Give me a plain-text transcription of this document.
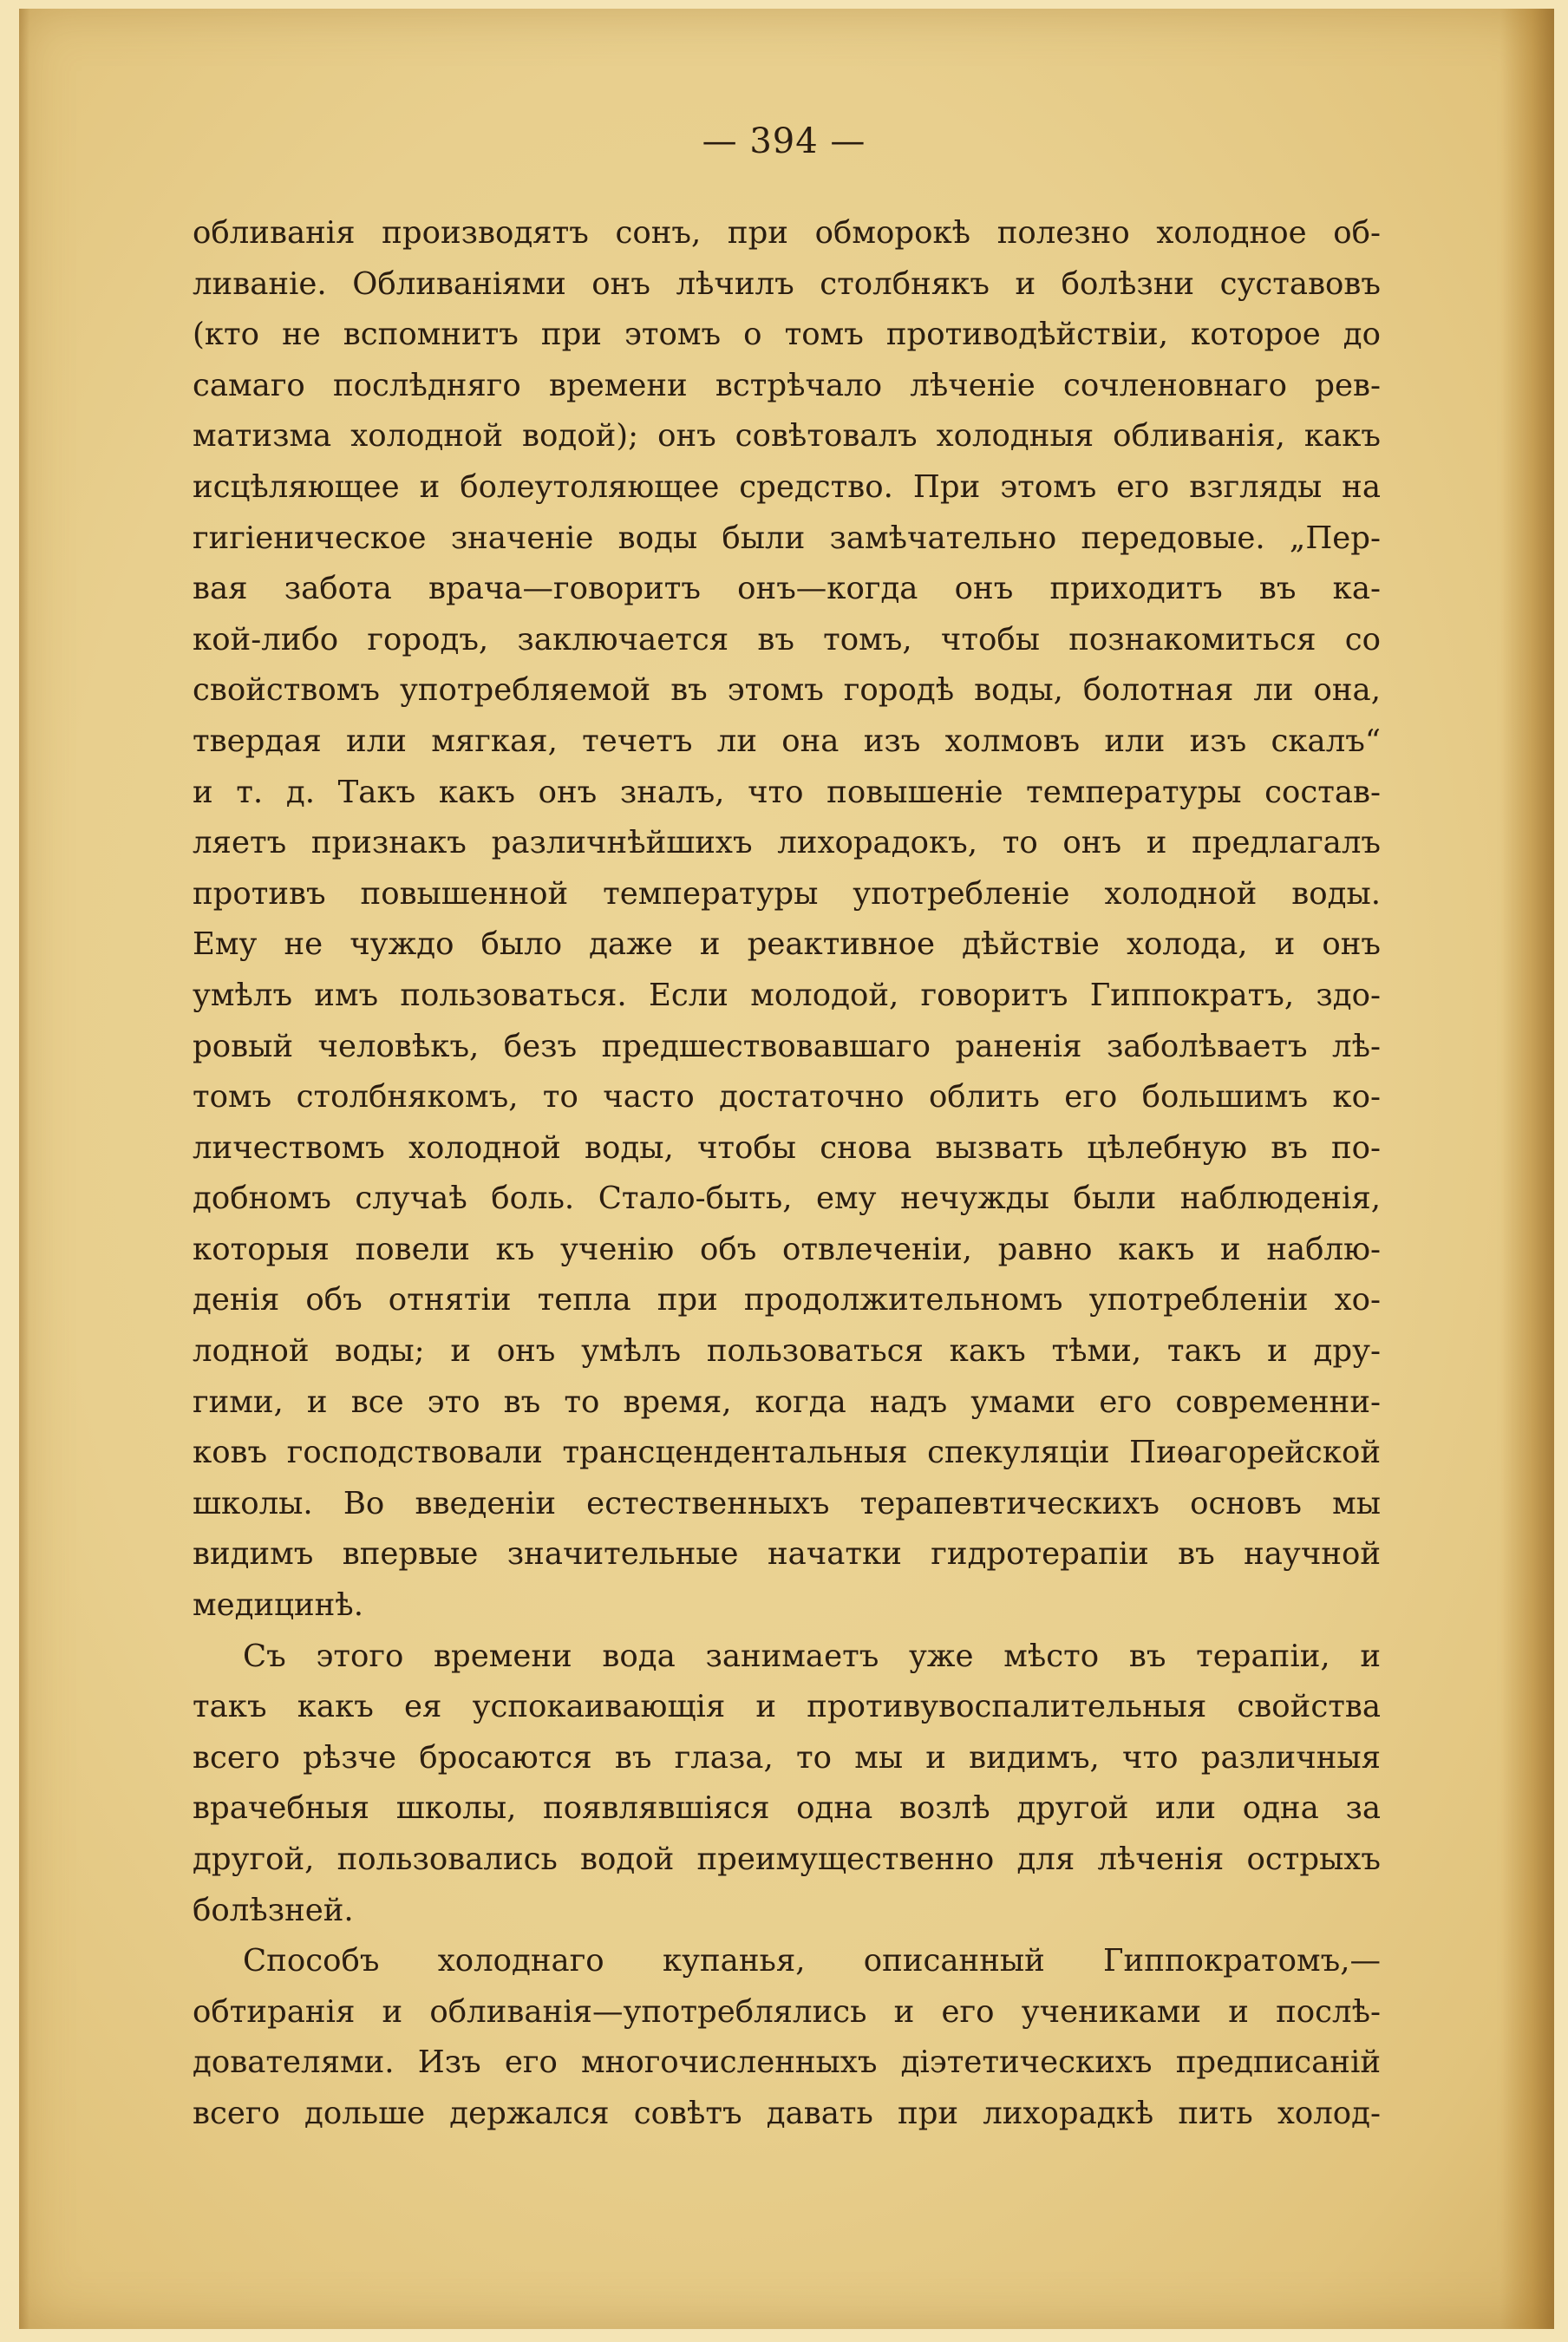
— 394 —
обливанія производятъ сонъ, при обморокѣ полезно холодное об-
ливаніе. Обливаніями онъ лѣчилъ столбнякъ и болѣзни суставовъ
(кто не вспомнитъ при этомъ о томъ противодѣйствіи, которое до
самаго послѣдняго времени встрѣчало лѣченіе сочленовнаго рев-
матизма холодной водой); онъ совѣтовалъ холодныя обливанія, какъ
исцѣляющее и болеутоляющее средство. При этомъ его взгляды на
гигіеническое значеніе воды были замѣчательно передовые. „Пер-
вая забота врача—говоритъ онъ—когда онъ приходитъ въ ка-
кой-либо городъ, заключается въ томъ, чтобы познакомиться со
свойствомъ употребляемой въ этомъ городѣ воды, болотная ли она,
твердая или мягкая, течетъ ли она изъ холмовъ или изъ скалъ“
и т. д. Такъ какъ онъ зналъ, что повышеніе температуры состав-
ляетъ признакъ различнѣйшихъ лихорадокъ, то онъ и предлагалъ
противъ повышенной температуры употребленіе холодной воды.
Ему не чуждо было даже и реактивное дѣйствіе холода, и онъ
умѣлъ имъ пользоваться. Если молодой, говоритъ Гиппократъ, здо-
ровый человѣкъ, безъ предшествовавшаго раненія заболѣваетъ лѣ-
томъ столбнякомъ, то часто достаточно облить его большимъ ко-
личествомъ холодной воды, чтобы снова вызвать цѣлебную въ по-
добномъ случаѣ боль. Стало-быть, ему нечужды были наблюденія,
которыя повели къ ученію объ отвлеченіи, равно какъ и наблю-
денія объ отнятіи тепла при продолжительномъ употребленіи хо-
лодной воды; и онъ умѣлъ пользоваться какъ тѣми, такъ и дру-
гими, и все это въ то время, когда надъ умами его современни-
ковъ господствовали трансцендентальныя спекуляціи Пиѳагорейской
школы. Во введеніи естественныхъ терапевтическихъ основъ мы
видимъ впервые значительные начатки гидротерапіи въ научной
медицинѣ.
Съ этого времени вода занимаетъ уже мѣсто въ терапіи, и
такъ какъ ея успокаивающія и противувоспалительныя свойства
всего рѣзче бросаются въ глаза, то мы и видимъ, что различныя
врачебныя школы, появлявшіяся одна возлѣ другой или одна за
другой, пользовались водой преимущественно для лѣченія острыхъ
болѣзней.
Способъ холоднаго купанья, описанный Гиппократомъ,—
обтиранія и обливанія—употреблялись и его учениками и послѣ-
дователями. Изъ его многочисленныхъ діэтетическихъ предписаній
всего дольше держался совѣтъ давать при лихорадкѣ пить холод-
